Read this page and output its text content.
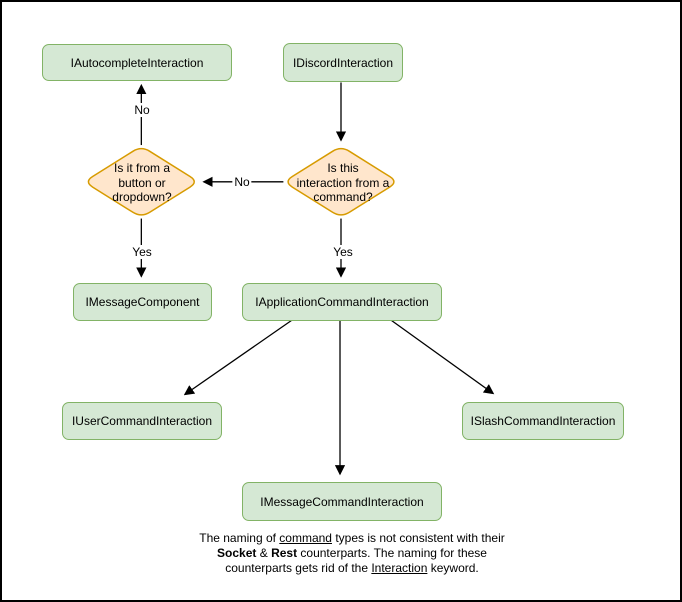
IAutocompleteInteraction	IDiscordInteraction
IMessageComponent	IApplicationCommandInteraction
IUserCommandInteraction	ISlashCommandInteraction
IMessageCommandInteraction
Is it from a
button or
dropdown?
Is this
interaction from a
command?
No
No
Yes	Yes
The naming of command types is not consistent with their
Socket & Rest counterparts. The naming for these
counterparts gets rid of the Interaction keyword.
